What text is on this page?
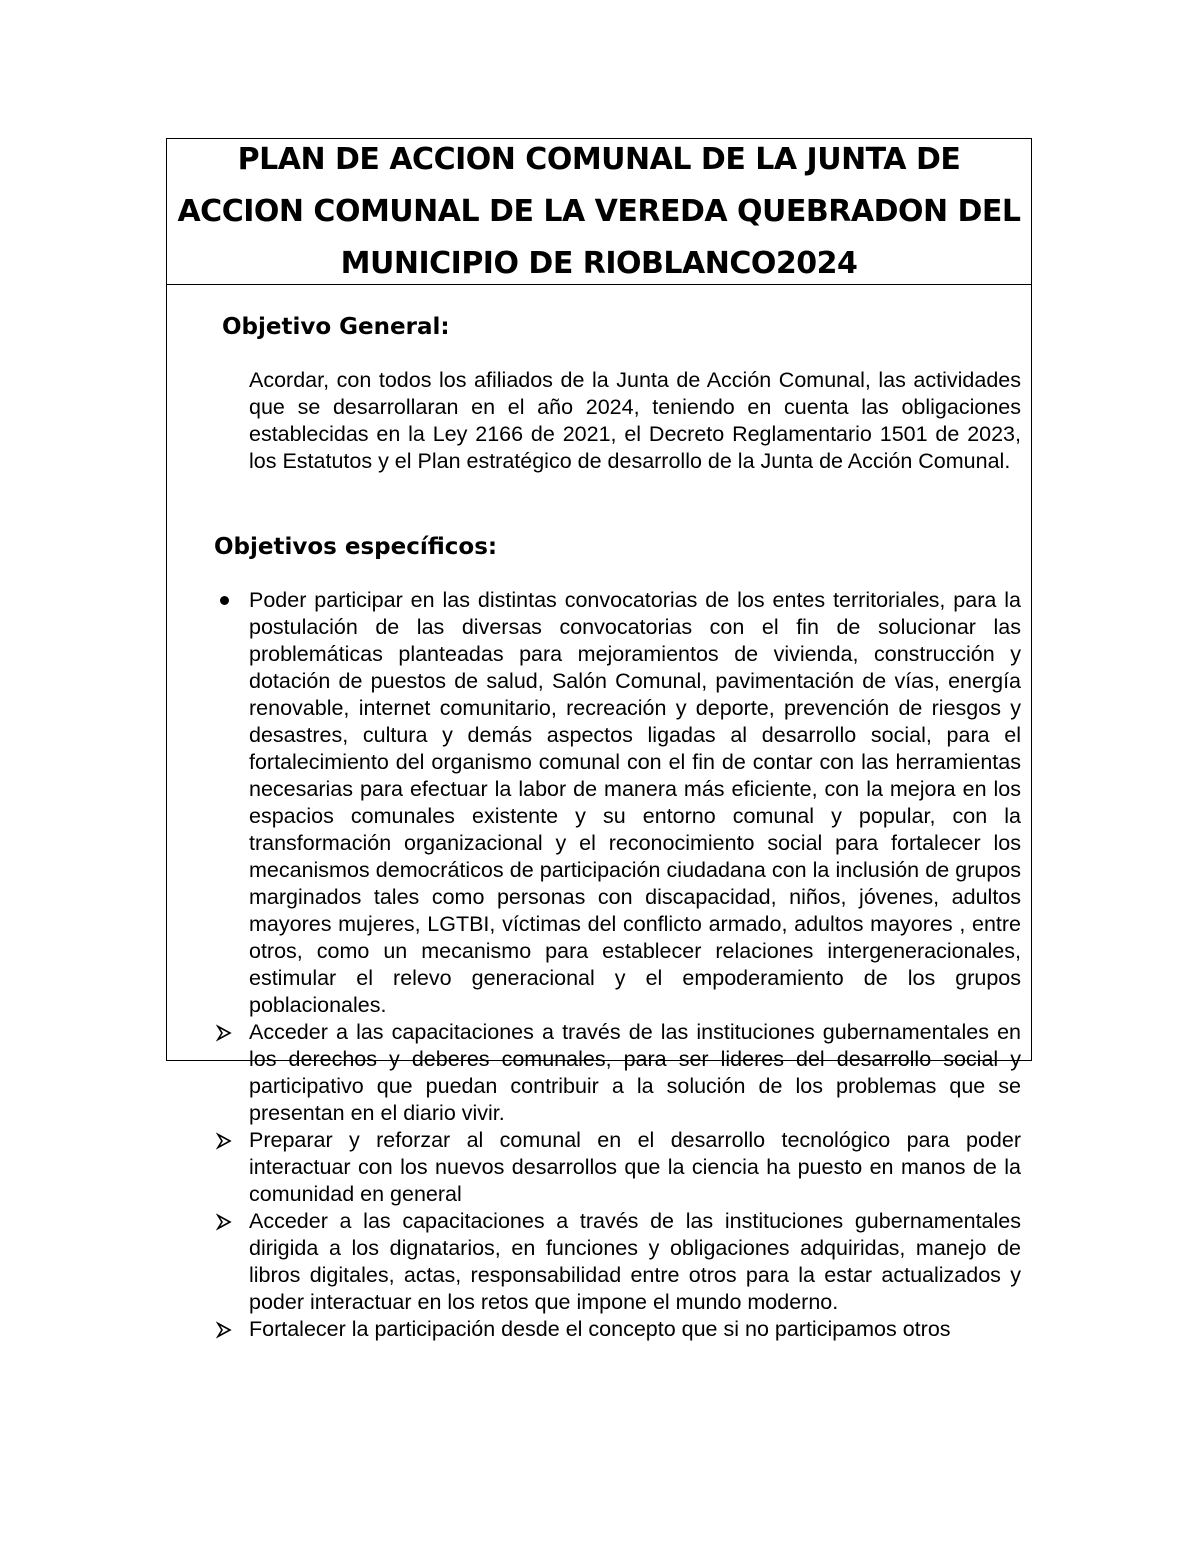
PLAN DE ACCION COMUNAL DE LA JUNTA DE ACCION COMUNAL DE LA VEREDA QUEBRADON DEL MUNICIPIO DE RIOBLANCO2024
Objetivo General:

Acordar, con todos los afiliados de la Junta de Acción Comunal, las actividades que se desarrollaran en el año 2024, teniendo en cuenta las obligaciones establecidas en la Ley 2166 de 2021, el Decreto Reglamentario 1501 de 2023, los Estatutos y el Plan estratégico de desarrollo de la Junta de Acción Comunal.

Objetivos específicos:
Poder participar en las distintas convocatorias de los entes territoriales, para la postulación de las diversas convocatorias con el fin de solucionar las problemáticas planteadas para mejoramientos de vivienda, construcción y dotación de puestos de salud, Salón Comunal, pavimentación de vías, energía renovable, internet comunitario, recreación y deporte, prevención de riesgos y desastres, cultura y demás aspectos ligadas al desarrollo social, para el fortalecimiento del organismo comunal con el fin de contar con las herramientas necesarias para efectuar la labor de manera más eficiente, con la mejora en los espacios comunales existente y su entorno comunal y popular, con la transformación organizacional y el reconocimiento social para fortalecer los mecanismos democráticos de participación ciudadana con la inclusión de grupos marginados tales como personas con discapacidad, niños, jóvenes, adultos mayores mujeres, LGTBI, víctimas del conflicto armado, adultos mayores , entre otros, como un mecanismo para establecer relaciones intergeneracionales, estimular el relevo generacional y el empoderamiento de los grupos poblacionales.
Acceder a las capacitaciones a través de las instituciones gubernamentales en los derechos y deberes comunales, para ser lideres del desarrollo social y participativo que puedan contribuir a la solución de los problemas que se presentan en el diario vivir.
Preparar y reforzar al comunal en el desarrollo tecnológico para poder interactuar con los nuevos desarrollos que la ciencia ha puesto en manos de la comunidad en general
Acceder a las capacitaciones a través de las instituciones gubernamentales dirigida a los dignatarios, en funciones y obligaciones adquiridas, manejo de libros digitales, actas, responsabilidad entre otros para la estar actualizados y poder interactuar en los retos que impone el mundo moderno.
Fortalecer la participación desde el concepto que si no participamos otros
